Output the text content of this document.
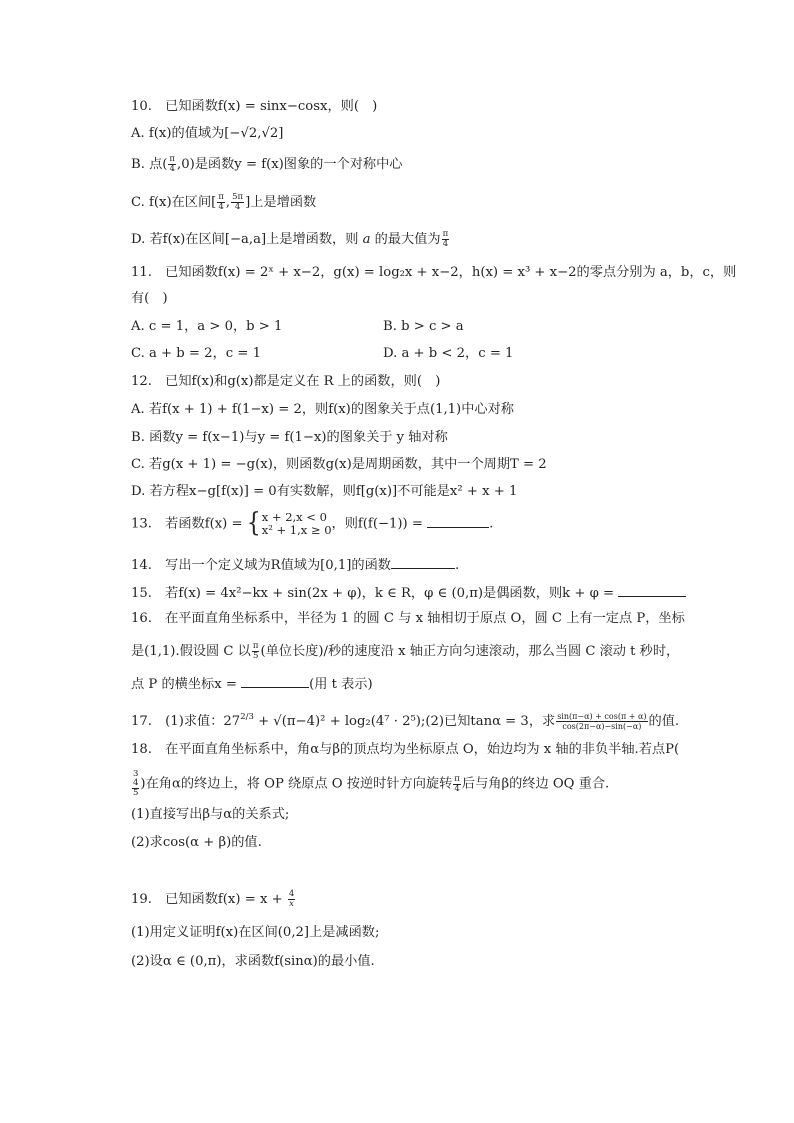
10.　已知函数f(x) = sinx−cosx，则(　)
A. f(x)的值域为[−√2,√2]
B. 点( $\frac{\pi}{4} ,0$)是函数y = f(x)图象的一个对称中心
C. f(x)在区间[ $\frac{\pi}{4}$ , $\frac{5\pi}{4}$ ]上是增函数
D. 若f(x)在区间[−a,a]上是增函数，则 a 的最大值为 $\frac{\pi}{4}$
11.　已知函数f(x) = 2ˣ + x−2，g(x) = log₂x + x−2，h(x) = x³ + x−2的零点分别为 a，b，c，则
有(　)
A. c = 1，a > 0，b > 1	B. b > c > a
C. a + b = 2，c = 1	D. a + b < 2，c = 1
12.　已知f(x)和g(x)都是定义在 R 上的函数，则(　)
A. 若f(x + 1) + f(1−x) = 2，则f(x)的图象关于点(1,1)中心对称
B. 函数y = f(x−1)与y = f(1−x)的图象关于 y 轴对称
C. 若g(x + 1) = −g(x)，则函数g(x)是周期函数，其中一个周期T = 2
D. 若方程x−g[f(x)] = 0有实数解，则f[g(x)]不可能是x² + x + 1
13.　若函数f(x) = { x + 2,x < 0
x² + 1,x ≥ 0 ，则f(f(−1)) =	.
14.　写出一个定义域为R值域为[0,1]的函数	.
15.　若f(x) = 4x²−kx + sin(2x + φ)，k ∈ R，φ ∈ (0,π)是偶函数，则k + φ =
16.　在平面直角坐标系中，半径为 1 的圆 C 与 x 轴相切于原点 O，圆 C 上有一定点 P，坐标
是(1,1).假设圆 C 以 $\frac{\pi}{5}$ (单位长度)/秒的速度沿 x 轴正方向匀速滚动，那么当圆 C 滚动 t 秒时，
点 P 的横坐标x =	(用 t 表示)
17.　(1)求值：$27^{2/3} + √(\pi-4)^2 + \log_2(4^7$ · 2⁵);(2)已知tanα = 3，求 $\frac{\sin(\pi-\alpha) + \cos(\pi + \alpha)}{\cos(2\pi-\alpha)-\sin(-\alpha)}$ 的值.
18.　在平面直角坐标系中，角α与β的顶点均为坐标原点 O，始边均为 x 轴的非负半轴.若点P(
3
4
5 )在角α的终边上，将 OP 绕原点 O 按逆时针方向旋转 $\frac{\pi}{4}$ 后与角β的终边 OQ 重合.
(1)直接写出β与α的关系式;
(2)求cos(α + β)的值.
19.　已知函数$f(x) = x + \frac{4}{x}$
(1)用定义证明f(x)在区间(0,2]上是减函数;
(2)设α ∈ (0,π)，求函数f(sinα)的最小值.
